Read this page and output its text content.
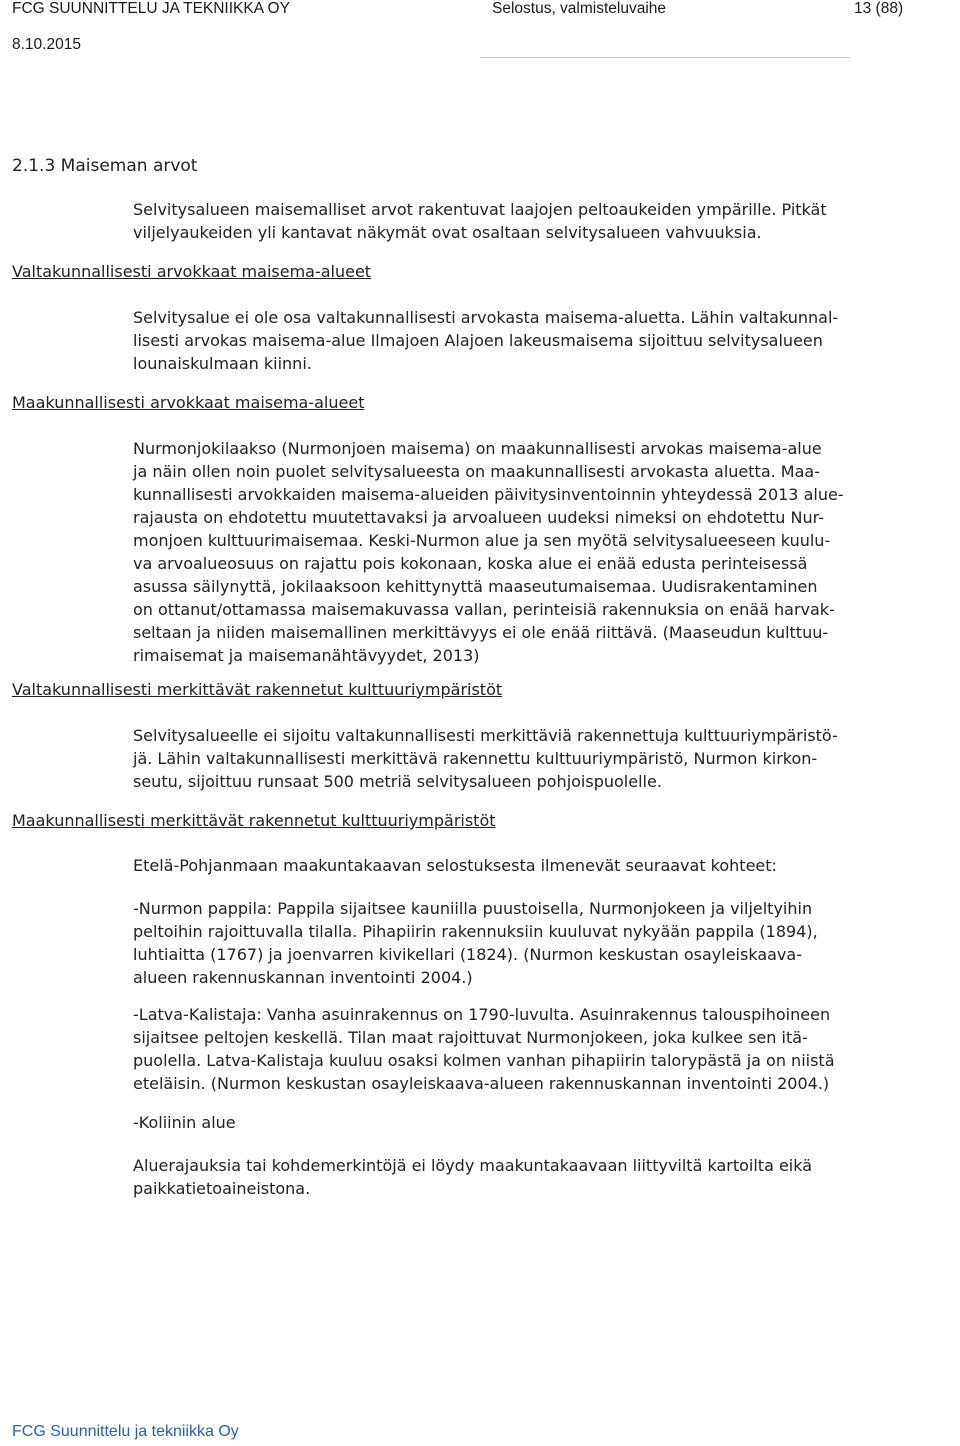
FCG SUUNNITTELU JA TEKNIIKKA OY	Selostus, valmisteluvaihe	13 (88)
8.10.2015
2.1.3 Maiseman arvot

Selvitysalueen maisemalliset arvot rakentuvat laajojen peltoaukeiden ympärille. Pitkät
viljelyaukeiden yli kantavat näkymät ovat osaltaan selvitysalueen vahvuuksia.

Valtakunnallisesti arvokkaat maisema-alueet

Selvitysalue ei ole osa valtakunnallisesti arvokasta maisema-aluetta. Lähin valtakunnal-
lisesti arvokas maisema-alue Ilmajoen Alajoen lakeusmaisema sijoittuu selvitysalueen
lounaiskulmaan kiinni.

Maakunnallisesti arvokkaat maisema-alueet

Nurmonjokilaakso (Nurmonjoen maisema) on maakunnallisesti arvokas maisema-alue
ja näin ollen noin puolet selvitysalueesta on maakunnallisesti arvokasta aluetta. Maa-
kunnallisesti arvokkaiden maisema-alueiden päivitysinventoinnin yhteydessä 2013 alue-
rajausta on ehdotettu muutettavaksi ja arvoalueen uudeksi nimeksi on ehdotettu Nur-
monjoen kulttuurimaisemaa. Keski-Nurmon alue ja sen myötä selvitysalueeseen kuulu-
va arvoalueosuus on rajattu pois kokonaan, koska alue ei enää edusta perinteisessä
asussa säilynyttä, jokilaaksoon kehittynyttä maaseutumaisemaa. Uudisrakentaminen
on ottanut/ottamassa maisemakuvassa vallan, perinteisiä rakennuksia on enää harvak-
seltaan ja niiden maisemallinen merkittävyys ei ole enää riittävä. (Maaseudun kulttuu-
rimaisemat ja maisemanähtävyydet, 2013)

Valtakunnallisesti merkittävät rakennetut kulttuuriympäristöt

Selvitysalueelle ei sijoitu valtakunnallisesti merkittäviä rakennettuja kulttuuriympäristö-
jä. Lähin valtakunnallisesti merkittävä rakennettu kulttuuriympäristö, Nurmon kirkon-
seutu, sijoittuu runsaat 500 metriä selvitysalueen pohjoispuolelle.

Maakunnallisesti merkittävät rakennetut kulttuuriympäristöt

Etelä-Pohjanmaan maakuntakaavan selostuksesta ilmenevät seuraavat kohteet:

-Nurmon pappila: Pappila sijaitsee kauniilla puustoisella, Nurmonjokeen ja viljeltyihin
peltoihin rajoittuvalla tilalla. Pihapiirin rakennuksiin kuuluvat nykyään pappila (1894),
luhtiaitta (1767) ja joenvarren kivikellari (1824). (Nurmon keskustan osayleiskaava-
alueen rakennuskannan inventointi 2004.)

-Latva-Kalistaja: Vanha asuinrakennus on 1790-luvulta. Asuinrakennus talouspihoineen
sijaitsee peltojen keskellä. Tilan maat rajoittuvat Nurmonjokeen, joka kulkee sen itä-
puolella. Latva-Kalistaja kuuluu osaksi kolmen vanhan pihapiirin talorypästä ja on niistä
eteläisin. (Nurmon keskustan osayleiskaava-alueen rakennuskannan inventointi 2004.)

-Koliinin alue

Aluerajauksia tai kohdemerkintöjä ei löydy maakuntakaavaan liittyviltä kartoilta eikä
paikkatietoaineistona.

FCG Suunnittelu ja tekniikka Oy
